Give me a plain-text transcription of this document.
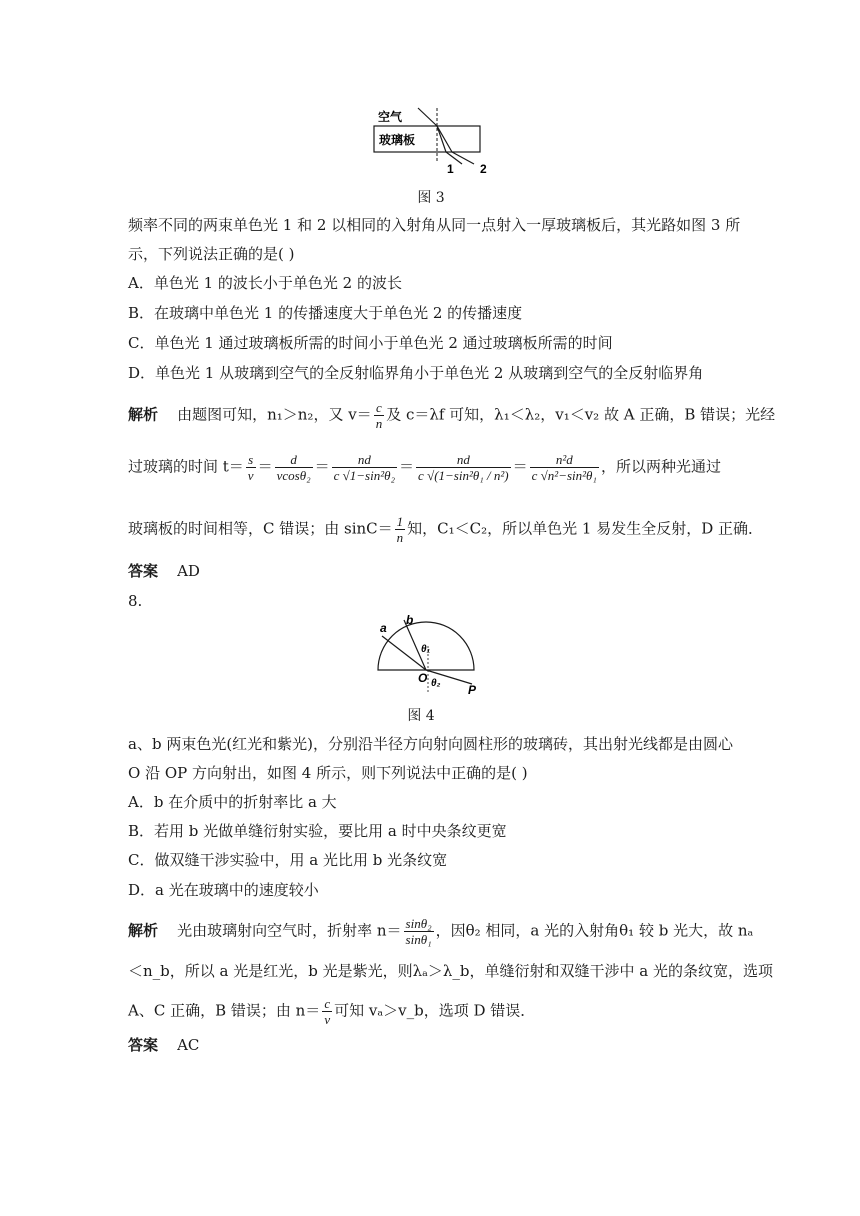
空气
玻璃板
1 2
图 3
频率不同的两束单色光 1 和 2 以相同的入射角从同一点射入一厚玻璃板后，其光路如图 3 所
示，下列说法正确的是( )
A．单色光 1 的波长小于单色光 2 的波长
B．在玻璃中单色光 1 的传播速度大于单色光 2 的传播速度
C．单色光 1 通过玻璃板所需的时间小于单色光 2 通过玻璃板所需的时间
D．单色光 1 从玻璃到空气的全反射临界角小于单色光 2 从玻璃到空气的全反射临界角
解析 由题图可知，n₁＞n₂，又 $v= \frac{c}{n}$ 及 c＝λf 可知，λ₁＜λ₂，v₁＜v₂ 故 A 正确，B 错误；光经
过玻璃的时间 $t= \frac{s}{v} = \frac{d}{\text{vcosθ₂}} = \frac{nd}{\text{c √1−sin²θ₂}} = \frac{nd}{\text{c √(1−sin²θ₁ / n²)}} = \frac{\text{n²d}}{\text{c √n²−sin²θ₁}}$ ，所以两种光通过
玻璃板的时间相等，C 错误；由 $\sin C= \frac{1}{n}$ 知，C₁＜C₂，所以单色光 1 易发生全反射，D 正确．
答案 AD
8.
a
b
θ₁
θ₂
O
P
图 4
a、b 两束色光(红光和紫光)，分别沿半径方向射向圆柱形的玻璃砖，其出射光线都是由圆心
O 沿 OP 方向射出，如图 4 所示，则下列说法中正确的是( )
A．b 在介质中的折射率比 a 大
B．若用 b 光做单缝衍射实验，要比用 a 时中央条纹更宽
C．做双缝干涉实验中，用 a 光比用 b 光条纹宽
D．a 光在玻璃中的速度较小
解析 光由玻璃射向空气时，折射率 $n= \frac{\text{sinθ₂}}{\text{sinθ₁}}$ ，因θ₂ 相同，a 光的入射角θ₁ 较 b 光大，故 nₐ
＜n_b，所以 a 光是红光，b 光是紫光，则λₐ＞λ_b，单缝衍射和双缝干涉中 a 光的条纹宽，选项
A、C 正确，B 错误；由 $n= \frac{c}{v}$ 可知 vₐ＞v_b，选项 D 错误．
答案 AC
